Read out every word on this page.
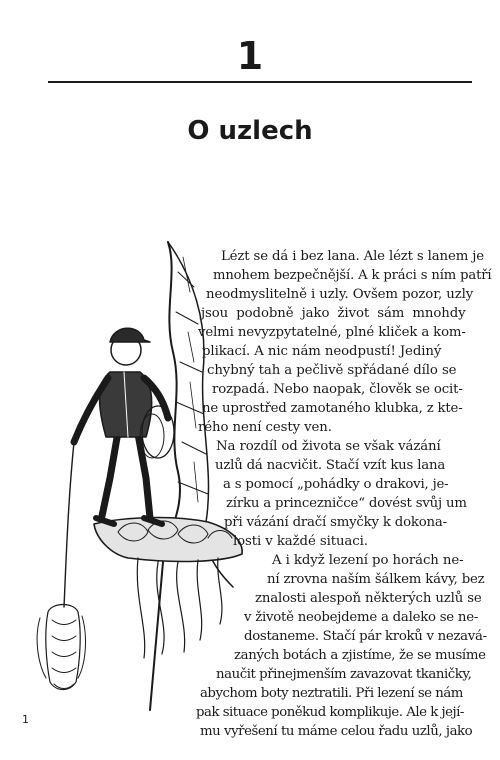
1
O uzlech
Lézt se dá i bez lana. Ale lézt s lanem je
mnohem bezpečnější. A k práci s ním patří
neodmyslitelně i uzly. Ovšem pozor, uzly
jsou podobně jako život sám mnohdy
velmi nevyzpytatelné, plné kliček a kom-
plikací. A nic nám neodpustí! Jediný
chybný tah a pečlivě spřádané dílo se
rozpadá. Nebo naopak, člověk se ocit-
ne uprostřed zamotaného klubka, z kte-
rého není cesty ven.
Na rozdíl od života se však vázání
uzlů dá nacvičit. Stačí vzít kus lana
a s pomocí „pohádky o drakovi, je-
zírku a princezničce“ dovést svůj um
při vázání dračí smyčky k dokona-
losti v každé situaci.
A i když lezení po horách ne-
ní zrovna naším šálkem kávy, bez
znalosti alespoň některých uzlů se
v životě neobejdeme a daleko se ne-
dostaneme. Stačí pár kroků v nezavá-
zaných botách a zjistíme, že se musíme
naučit přinejmenším zavazovat tkaničky,
abychom boty neztratili. Při lezení se nám
pak situace poněkud komplikuje. Ale k její-
mu vyřešení tu máme celou řadu uzlů, jako
1
